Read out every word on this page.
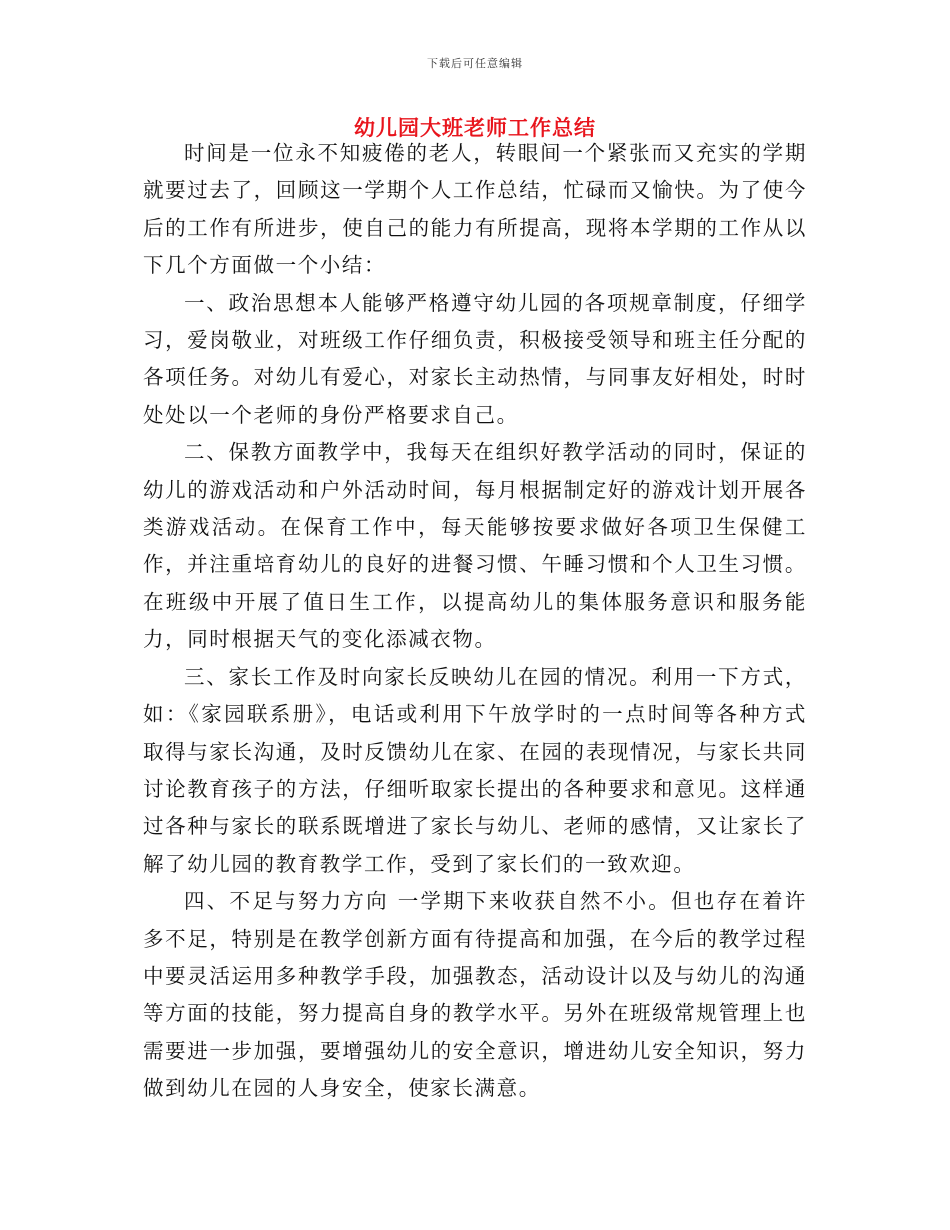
下载后可任意编辑
幼儿园大班老师工作总结

时间是一位永不知疲倦的老人，转眼间一个紧张而又充实的学期就要过去了，回顾这一学期个人工作总结，忙碌而又愉快。为了使今后的工作有所进步，使自己的能力有所提高，现将本学期的工作从以下几个方面做一个小结：

一、政治思想本人能够严格遵守幼儿园的各项规章制度，仔细学习，爱岗敬业，对班级工作仔细负责，积极接受领导和班主任分配的各项任务。对幼儿有爱心，对家长主动热情，与同事友好相处，时时处处以一个老师的身份严格要求自己。

二、保教方面教学中，我每天在组织好教学活动的同时，保证的幼儿的游戏活动和户外活动时间，每月根据制定好的游戏计划开展各类游戏活动。在保育工作中，每天能够按要求做好各项卫生保健工作，并注重培育幼儿的良好的进餐习惯、午睡习惯和个人卫生习惯。在班级中开展了值日生工作，以提高幼儿的集体服务意识和服务能力，同时根据天气的变化添减衣物。

三、家长工作及时向家长反映幼儿在园的情况。利用一下方式，如：《家园联系册》，电话或利用下午放学时的一点时间等各种方式取得与家长沟通，及时反馈幼儿在家、在园的表现情况，与家长共同讨论教育孩子的方法，仔细听取家长提出的各种要求和意见。这样通过各种与家长的联系既增进了家长与幼儿、老师的感情，又让家长了解了幼儿园的教育教学工作，受到了家长们的一致欢迎。

四、不足与努力方向 一学期下来收获自然不小。但也存在着许多不足，特别是在教学创新方面有待提高和加强，在今后的教学过程中要灵活运用多种教学手段，加强教态，活动设计以及与幼儿的沟通等方面的技能，努力提高自身的教学水平。另外在班级常规管理上也需要进一步加强，要增强幼儿的安全意识，增进幼儿安全知识，努力做到幼儿在园的人身安全，使家长满意。
